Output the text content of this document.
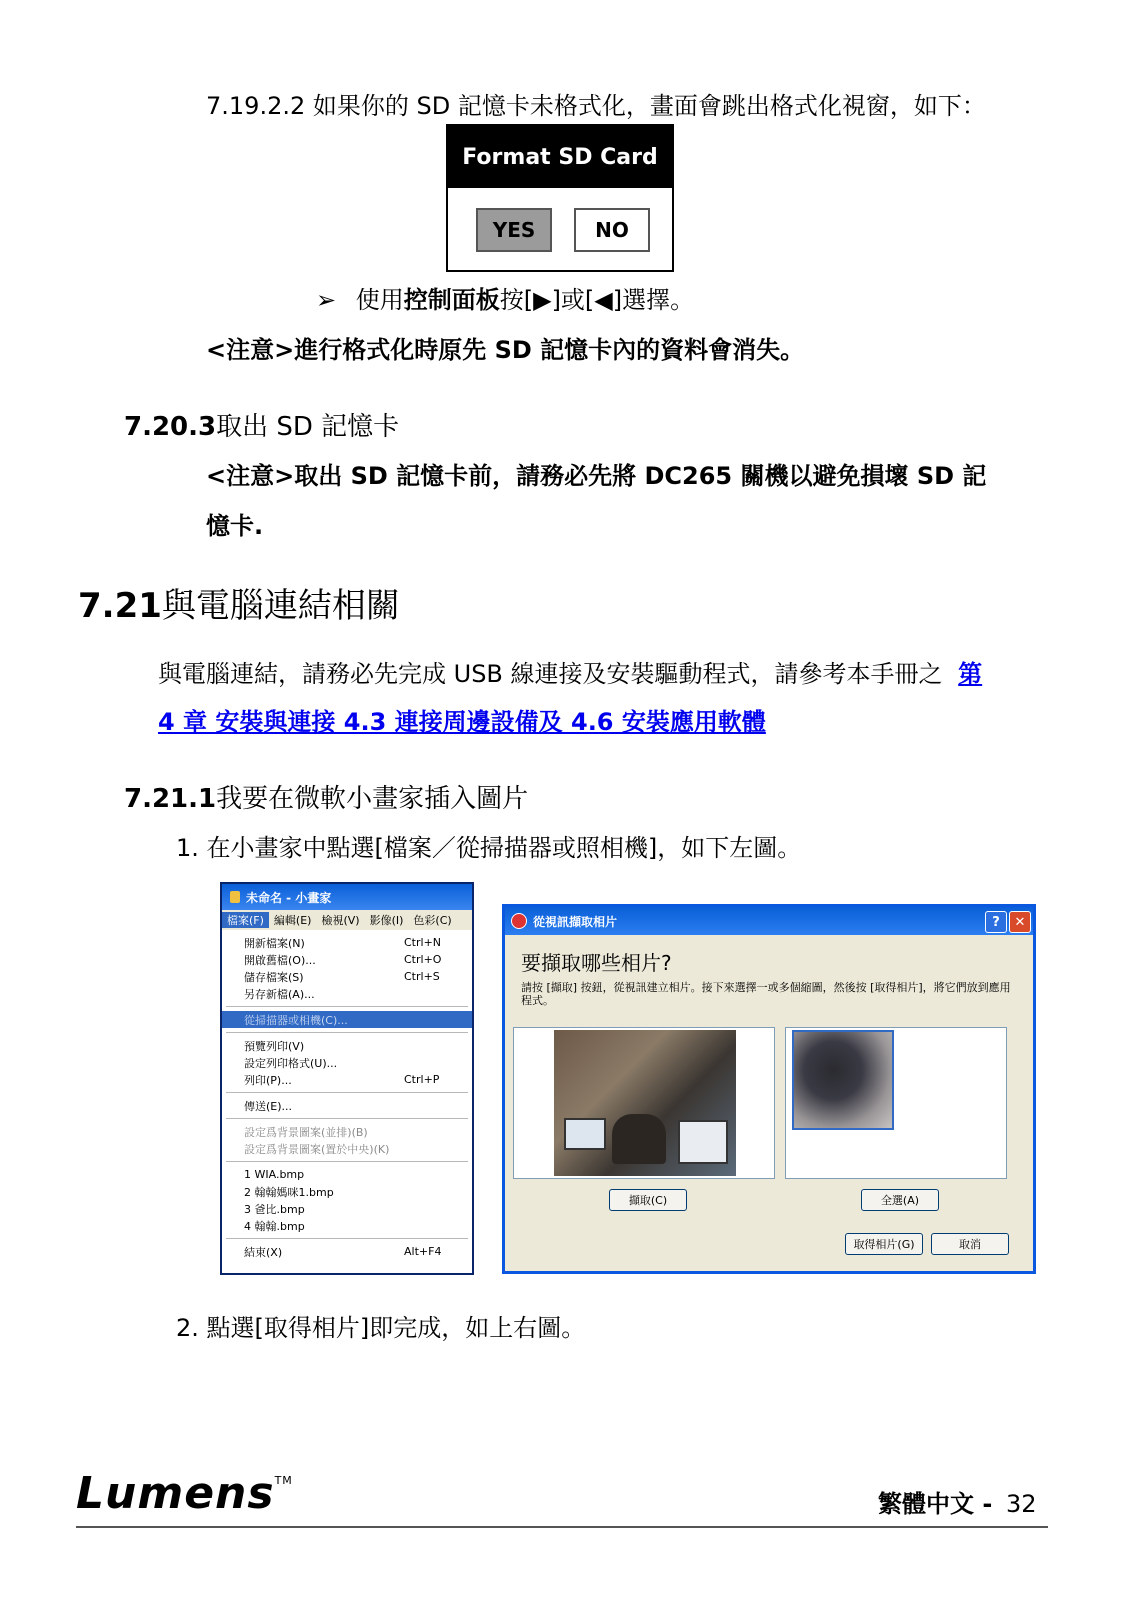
7.19.2.2 如果你的 SD 記憶卡未格式化，畫面會跳出格式化視窗，如下：
Format SD Card
YES	NO
➢ 使用控制面板按[▶]或[◀]選擇。
<注意>進行格式化時原先 SD 記憶卡內的資料會消失。
7.20.3取出 SD 記憶卡
<注意>取出 SD 記憶卡前，請務必先將 DC265 關機以避免損壞 SD 記
憶卡.
7.21與電腦連結相關
與電腦連結，請務必先完成 USB 線連接及安裝驅動程式，請參考本手冊之 第
4 章 安裝與連接 4.3 連接周邊設備及 4.6 安裝應用軟體
7.21.1我要在微軟小畫家插入圖片
1. 在小畫家中點選[檔案／從掃描器或照相機]，如下左圖。
未命名 - 小畫家
檔案(F) 編輯(E) 檢視(V) 影像(I) 色彩(C)
開新檔案(N)	Ctrl+N
開啟舊檔(O)...	Ctrl+O
儲存檔案(S)	Ctrl+S
另存新檔(A)...
從掃描器或相機(C)...
預覽列印(V)
設定列印格式(U)...
列印(P)...	Ctrl+P
傳送(E)...
設定爲背景圖案(並排)(B)
設定爲背景圖案(置於中央)(K)
1 WIA.bmp
2 翰翰媽咪1.bmp
3 爸比.bmp
4 翰翰.bmp
結束(X)	Alt+F4
從視訊擷取相片	?	✕
要擷取哪些相片?
請按 [擷取] 按鈕，從視訊建立相片。接下來選擇一或多個縮圖，然後按 [取得相片]，將它們放到應用程式。
擷取(C)	全選(A)
取得相片(G)	取消
2. 點選[取得相片]即完成，如上右圖。
Lumens™
繁體中文 - 32
